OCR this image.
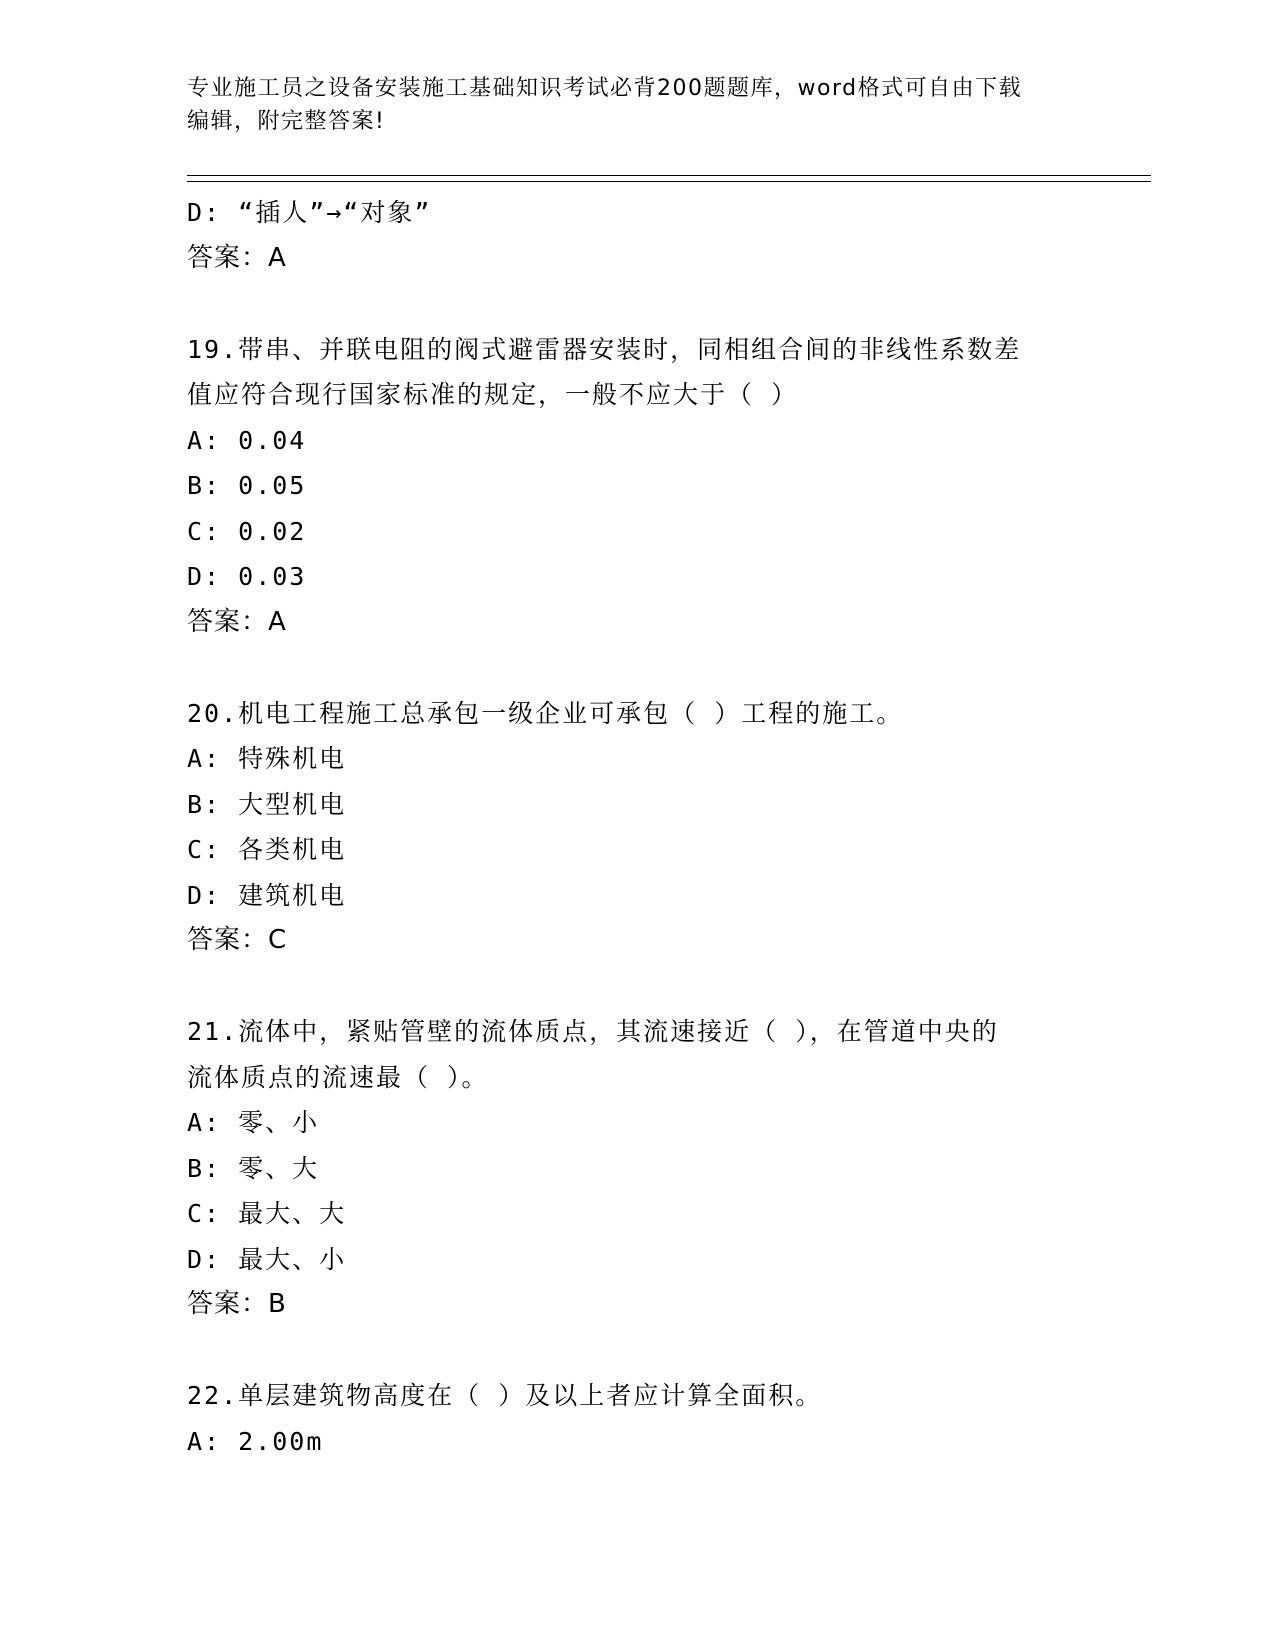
专业施工员之设备安装施工基础知识考试必背200题题库，word格式可自由下载
编辑，附完整答案!
D: “插人”→“对象”
答案：A
19.带串、并联电阻的阀式避雷器安装时，同相组合间的非线性系数差
值应符合现行国家标准的规定，一般不应大于（ ）
A: 0.04
B: 0.05
C: 0.02
D: 0.03
答案：A
20.机电工程施工总承包一级企业可承包（ ）工程的施工。
A: 特殊机电
B: 大型机电
C: 各类机电
D: 建筑机电
答案：C
21.流体中，紧贴管壁的流体质点，其流速接近（ ），在管道中央的
流体质点的流速最（ ）。
A: 零、小
B: 零、大
C: 最大、大
D: 最大、小
答案：B
22.单层建筑物高度在（ ）及以上者应计算全面积。
A: 2.00m
